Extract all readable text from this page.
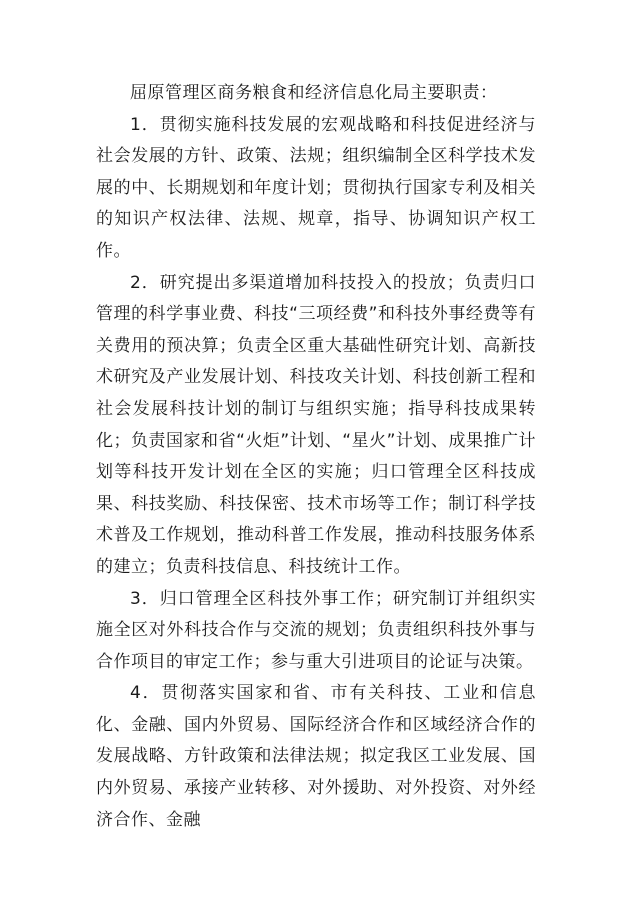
屈原管理区商务粮食和经济信息化局主要职责：

1．贯彻实施科技发展的宏观战略和科技促进经济与社会发展的方针、政策、法规；组织编制全区科学技术发展的中、长期规划和年度计划；贯彻执行国家专利及相关的知识产权法律、法规、规章，指导、协调知识产权工作。

2．研究提出多渠道增加科技投入的投放；负责归口管理的科学事业费、科技“三项经费”和科技外事经费等有关费用的预决算；负责全区重大基础性研究计划、高新技术研究及产业发展计划、科技攻关计划、科技创新工程和社会发展科技计划的制订与组织实施；指导科技成果转化；负责国家和省“火炬”计划、“星火”计划、成果推广计划等科技开发计划在全区的实施；归口管理全区科技成果、科技奖励、科技保密、技术市场等工作；制订科学技术普及工作规划，推动科普工作发展，推动科技服务体系的建立；负责科技信息、科技统计工作。

3．归口管理全区科技外事工作；研究制订并组织实施全区对外科技合作与交流的规划；负责组织科技外事与合作项目的审定工作；参与重大引进项目的论证与决策。

4．贯彻落实国家和省、市有关科技、工业和信息化、金融、国内外贸易、国际经济合作和区域经济合作的发展战略、方针政策和法律法规；拟定我区工业发展、国内外贸易、承接产业转移、对外援助、对外投资、对外经济合作、金融
